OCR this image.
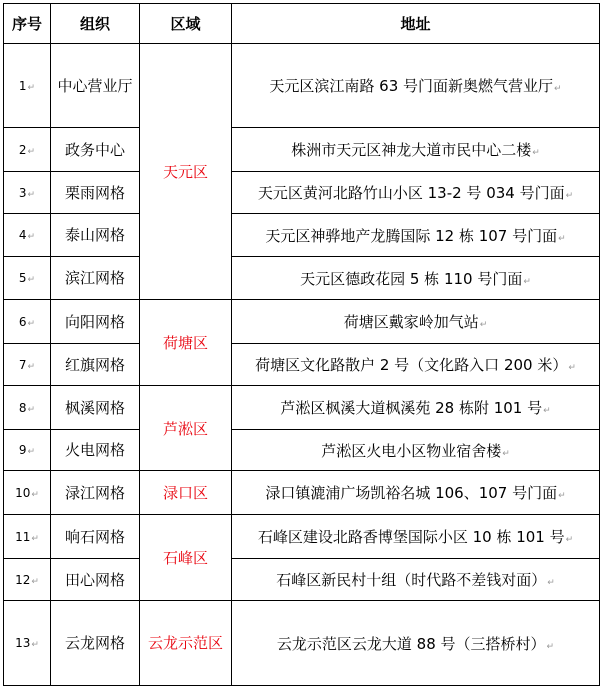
序号	组织	区域	地址
1↵	中心营业厅	天元区	天元区滨江南路 63 号门面新奥燃气营业厅↵
2↵	政务中心		株洲市天元区神龙大道市民中心二楼↵
3↵	栗雨网格		天元区黄河北路竹山小区 13-2 号 034 号门面↵
4↵	泰山网格		天元区神骅地产龙腾国际 12 栋 107 号门面↵
5↵	滨江网格		天元区德政花园 5 栋 110 号门面↵
6↵	向阳网格	荷塘区	荷塘区戴家岭加气站↵
7↵	红旗网格		荷塘区文化路散户 2 号（文化路入口 200 米）↵
8↵	枫溪网格	芦淞区	芦淞区枫溪大道枫溪苑 28 栋附 101 号↵
9↵	火电网格		芦淞区火电小区物业宿舍楼↵
10↵	渌江网格	渌口区	渌口镇漉浦广场凯裕名城 106、107 号门面↵
11↵	响石网格	石峰区	石峰区建设北路香博堡国际小区 10 栋 101 号↵
12↵	田心网格		石峰区新民村十组（时代路不差钱对面）↵
13↵	云龙网格	云龙示范区	云龙示范区云龙大道 88 号（三搭桥村）↵
